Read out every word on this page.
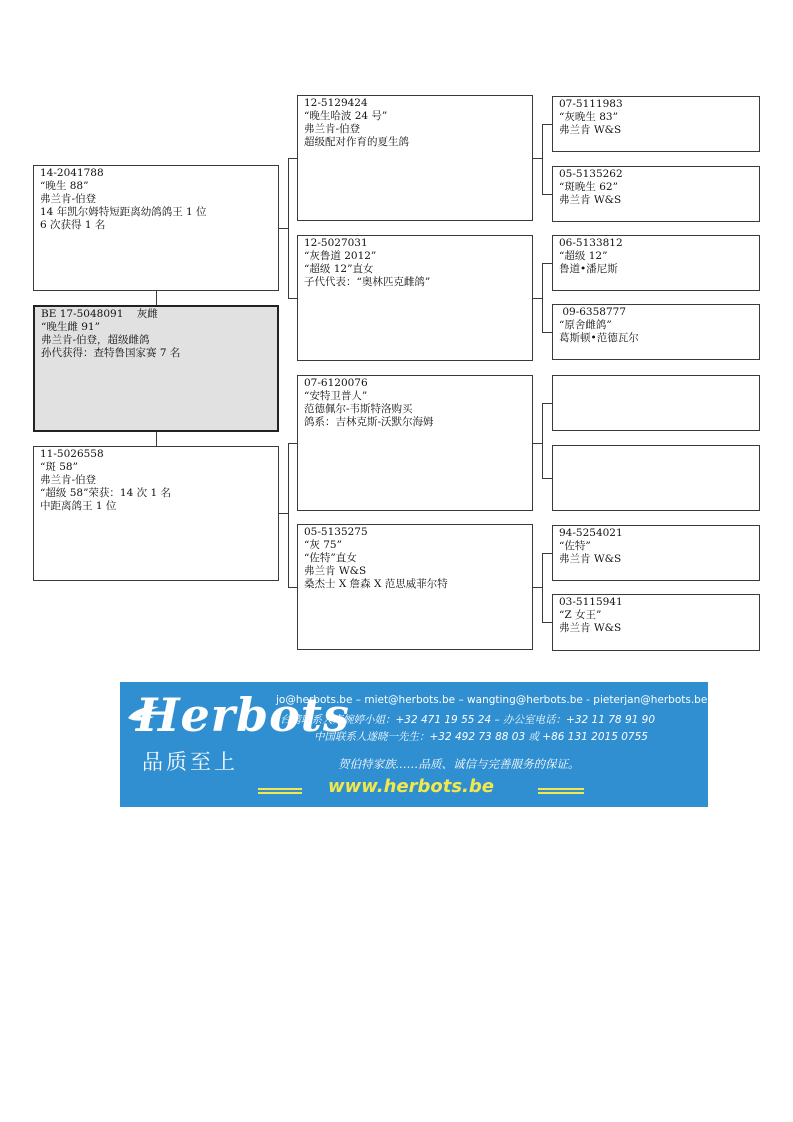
14-2041788
“晚生 88”
弗兰肯-伯登
14 年凯尔姆特短距离幼鸽鸽王 1 位
6 次获得 1 名
BE 17-5048091    灰雌
“晚生雌 91”
弗兰肯-伯登，超级雌鸽
孙代获得：查特鲁国家赛 7 名
11-5026558
“斑 58”
弗兰肯-伯登
“超级 58”荣获：14 次 1 名
中距离鸽王 1 位
12-5129424
“晚生哈波 24 号”
弗兰肯-伯登
超级配对作育的夏生鸽
12-5027031
“灰鲁道 2012”
“超级 12”直女
子代代表：“奥林匹克雌鸽”
07-6120076
“安特卫普人”
范德佩尔-韦斯特洛购买
鸽系：吉林克斯-沃默尔海姆
05-5135275
“灰 75”
“佐特”直女
弗兰肯 W&S
桑杰士 X 詹森 X 范思威菲尔特
07-5111983
“灰晚生 83”
弗兰肯 W&S
05-5135262
“斑晚生 62”
弗兰肯 W&S
06-5133812
“超级 12”
鲁道•潘尼斯
09-6358777
“原舍雌鸽”
葛斯顿•范德瓦尔
94-5254021
“佐特”
弗兰肯 W&S
03-5115941
“Z 女王”
弗兰肯 W&S
Herbots
品质至上
jo@herbots.be – miet@herbots.be – wangting@herbots.be - pieterjan@herbots.be
台湾联系人卢婉婷小姐：+32 471 19 55 24 – 办公室电话：+32 11 78 91 90
中国联系人遂晓一先生：+32 492 73 88 03 或 +86 131 2015 0755
贺伯特家族……品质、诚信与完善服务的保证。
www.herbots.be
